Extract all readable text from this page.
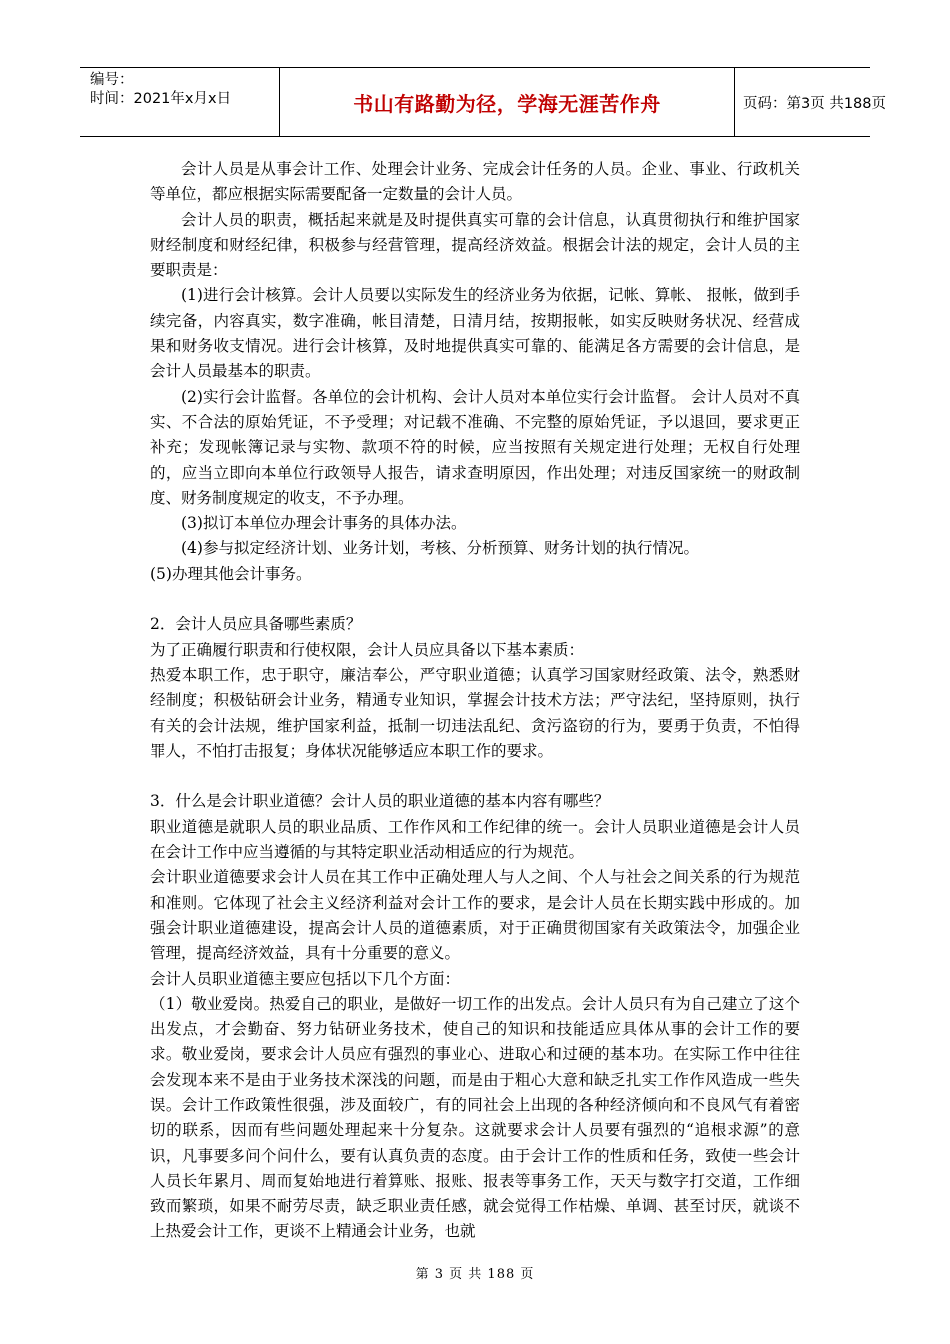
编号：
时间：2021年x月x日	书山有路勤为径，学海无涯苦作舟	页码：第3页 共188页

会计人员是从事会计工作、处理会计业务、完成会计任务的人员。企业、事业、行政机关等单位，都应根据实际需要配备一定数量的会计人员。

会计人员的职责，概括起来就是及时提供真实可靠的会计信息，认真贯彻执行和维护国家财经制度和财经纪律，积极参与经营管理，提高经济效益。根据会计法的规定，会计人员的主要职责是：

(1)进行会计核算。会计人员要以实际发生的经济业务为依据，记帐、算帐、 报帐，做到手续完备，内容真实，数字准确，帐目清楚，日清月结，按期报帐，如实反映财务状况、经营成果和财务收支情况。进行会计核算，及时地提供真实可靠的、能满足各方需要的会计信息，是会计人员最基本的职责。

(2)实行会计监督。各单位的会计机构、会计人员对本单位实行会计监督。 会计人员对不真实、不合法的原始凭证，不予受理；对记载不准确、不完整的原始凭证，予以退回，要求更正补充；发现帐簿记录与实物、款项不符的时候，应当按照有关规定进行处理；无权自行处理的，应当立即向本单位行政领导人报告，请求查明原因，作出处理；对违反国家统一的财政制度、财务制度规定的收支，不予办理。

(3)拟订本单位办理会计事务的具体办法。

(4)参与拟定经济计划、业务计划，考核、分析预算、财务计划的执行情况。

(5)办理其他会计事务。

2．会计人员应具备哪些素质？

为了正确履行职责和行使权限，会计人员应具备以下基本素质：

热爱本职工作，忠于职守，廉洁奉公，严守职业道德；认真学习国家财经政策、法令，熟悉财经制度；积极钻研会计业务，精通专业知识，掌握会计技术方法；严守法纪，坚持原则，执行有关的会计法规，维护国家利益，抵制一切违法乱纪、贪污盗窃的行为，要勇于负责，不怕得罪人，不怕打击报复；身体状况能够适应本职工作的要求。

3．什么是会计职业道德？会计人员的职业道德的基本内容有哪些？

职业道德是就职人员的职业品质、工作作风和工作纪律的统一。会计人员职业道德是会计人员在会计工作中应当遵循的与其特定职业活动相适应的行为规范。

会计职业道德要求会计人员在其工作中正确处理人与人之间、个人与社会之间关系的行为规范和准则。它体现了社会主义经济利益对会计工作的要求，是会计人员在长期实践中形成的。加强会计职业道德建设，提高会计人员的道德素质，对于正确贯彻国家有关政策法令，加强企业管理，提高经济效益，具有十分重要的意义。

会计人员职业道德主要应包括以下几个方面：

（1）敬业爱岗。热爱自己的职业，是做好一切工作的出发点。会计人员只有为自己建立了这个出发点，才会勤奋、努力钻研业务技术，使自己的知识和技能适应具体从事的会计工作的要求。敬业爱岗，要求会计人员应有强烈的事业心、进取心和过硬的基本功。在实际工作中往往会发现本来不是由于业务技术深浅的问题，而是由于粗心大意和缺乏扎实工作作风造成一些失误。会计工作政策性很强，涉及面较广，有的同社会上出现的各种经济倾向和不良风气有着密切的联系，因而有些问题处理起来十分复杂。这就要求会计人员要有强烈的“追根求源”的意识，凡事要多问个问什么，要有认真负责的态度。由于会计工作的性质和任务，致使一些会计人员长年累月、周而复始地进行着算账、报账、报表等事务工作，天天与数字打交道，工作细致而繁琐，如果不耐劳尽责，缺乏职业责任感，就会觉得工作枯燥、单调、甚至讨厌，就谈不上热爱会计工作，更谈不上精通会计业务，也就

第 3 页 共 188 页
